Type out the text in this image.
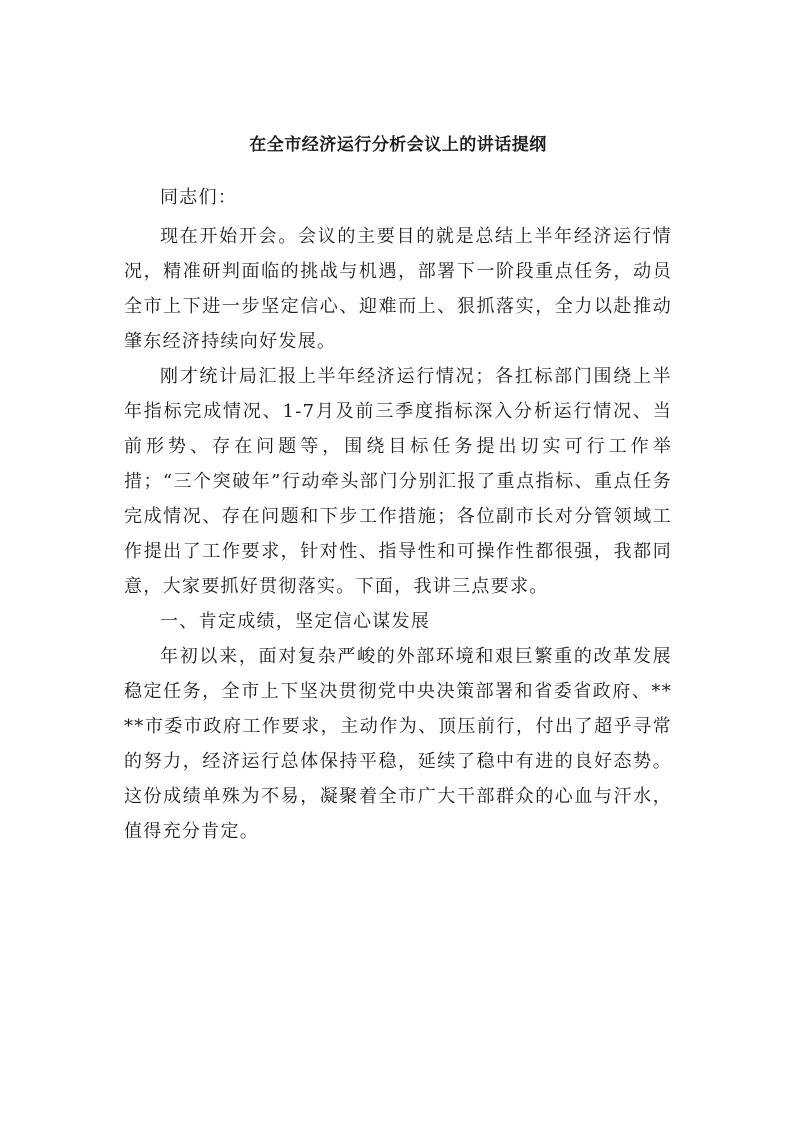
在全市经济运行分析会议上的讲话提纲

同志们：

现在开始开会。会议的主要目的就是总结上半年经济运行情况，精准研判面临的挑战与机遇，部署下一阶段重点任务，动员全市上下进一步坚定信心、迎难而上、狠抓落实，全力以赴推动肇东经济持续向好发展。

刚才统计局汇报上半年经济运行情况；各扛标部门围绕上半年指标完成情况、1-7月及前三季度指标深入分析运行情况、当前形势、存在问题等，围绕目标任务提出切实可行工作举措；“三个突破年”行动牵头部门分别汇报了重点指标、重点任务完成情况、存在问题和下步工作措施；各位副市长对分管领域工作提出了工作要求，针对性、指导性和可操作性都很强，我都同意，大家要抓好贯彻落实。下面，我讲三点要求。

一、肯定成绩，坚定信心谋发展

年初以来，面对复杂严峻的外部环境和艰巨繁重的改革发展稳定任务，全市上下坚决贯彻党中央决策部署和省委省政府、****市委市政府工作要求，主动作为、顶压前行，付出了超乎寻常的努力，经济运行总体保持平稳，延续了稳中有进的良好态势。这份成绩单殊为不易，凝聚着全市广大干部群众的心血与汗水，值得充分肯定。
